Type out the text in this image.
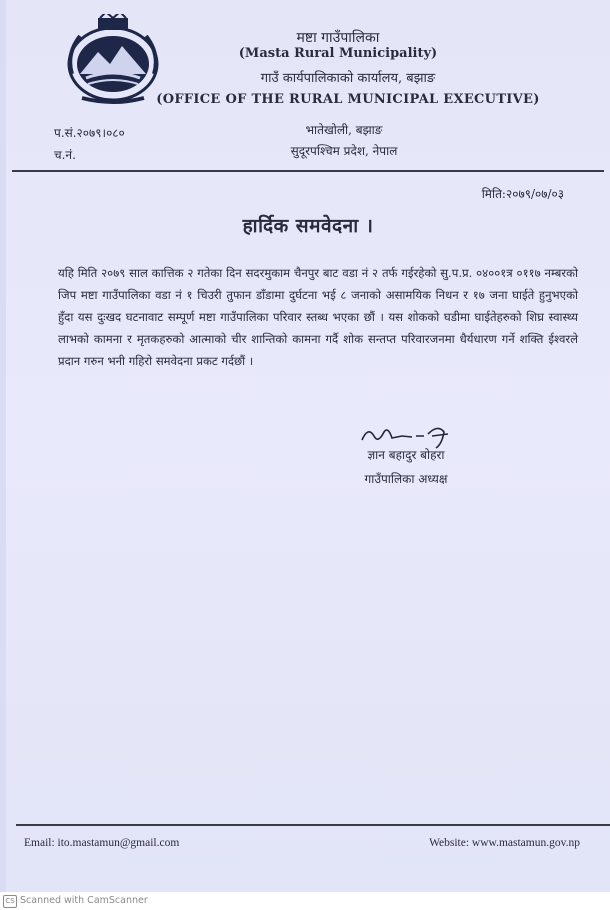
मष्टा गाउँपालिका
(Masta Rural Municipality)
गाउँ कार्यपालिकाको कार्यालय, बझाङ
(OFFICE OF THE RURAL MUNICIPAL EXECUTIVE)
भातेखोली, बझाङ
सुदूरपश्चिम प्रदेश, नेपाल
प.सं.२०७९।०८०
च.नं.
मिति:२०७९/०७/०३
हार्दिक समवेदना ।
यहि मिति २०७९ साल कात्तिक २ गतेका दिन सदरमुकाम चैनपुर बाट वडा नं २ तर्फ गईरहेको सु.प.प्र. ०४००१त्र ०११७ नम्बरको जिप मष्टा गाउँपालिका वडा नं १ चिउरी तुफान डाँडामा दुर्घटना भई ८ जनाको असामयिक निधन र १७ जना घाईते हुनुभएको हुँदा यस दुःखद घटनावाट सम्पूर्ण मष्टा गाउँपालिका परिवार स्तब्ध भएका छौं । यस शोकको घडीमा घाईतेहरुको शिघ्र स्वास्थ्य लाभको कामना र मृतकहरुको आत्माको चीर शान्तिको कामना गर्दै शोक सन्तप्त परिवारजनमा धैर्यधारण गर्ने शक्ति ईश्वरले प्रदान गरुन भनी गहिरो समवेदना प्रकट गर्दछौं ।
ज्ञान बहादुर बोहरा
गाउँपालिका अध्यक्ष
Email: ito.mastamun@gmail.com	Website: www.mastamun.gov.np
CS Scanned with CamScanner
